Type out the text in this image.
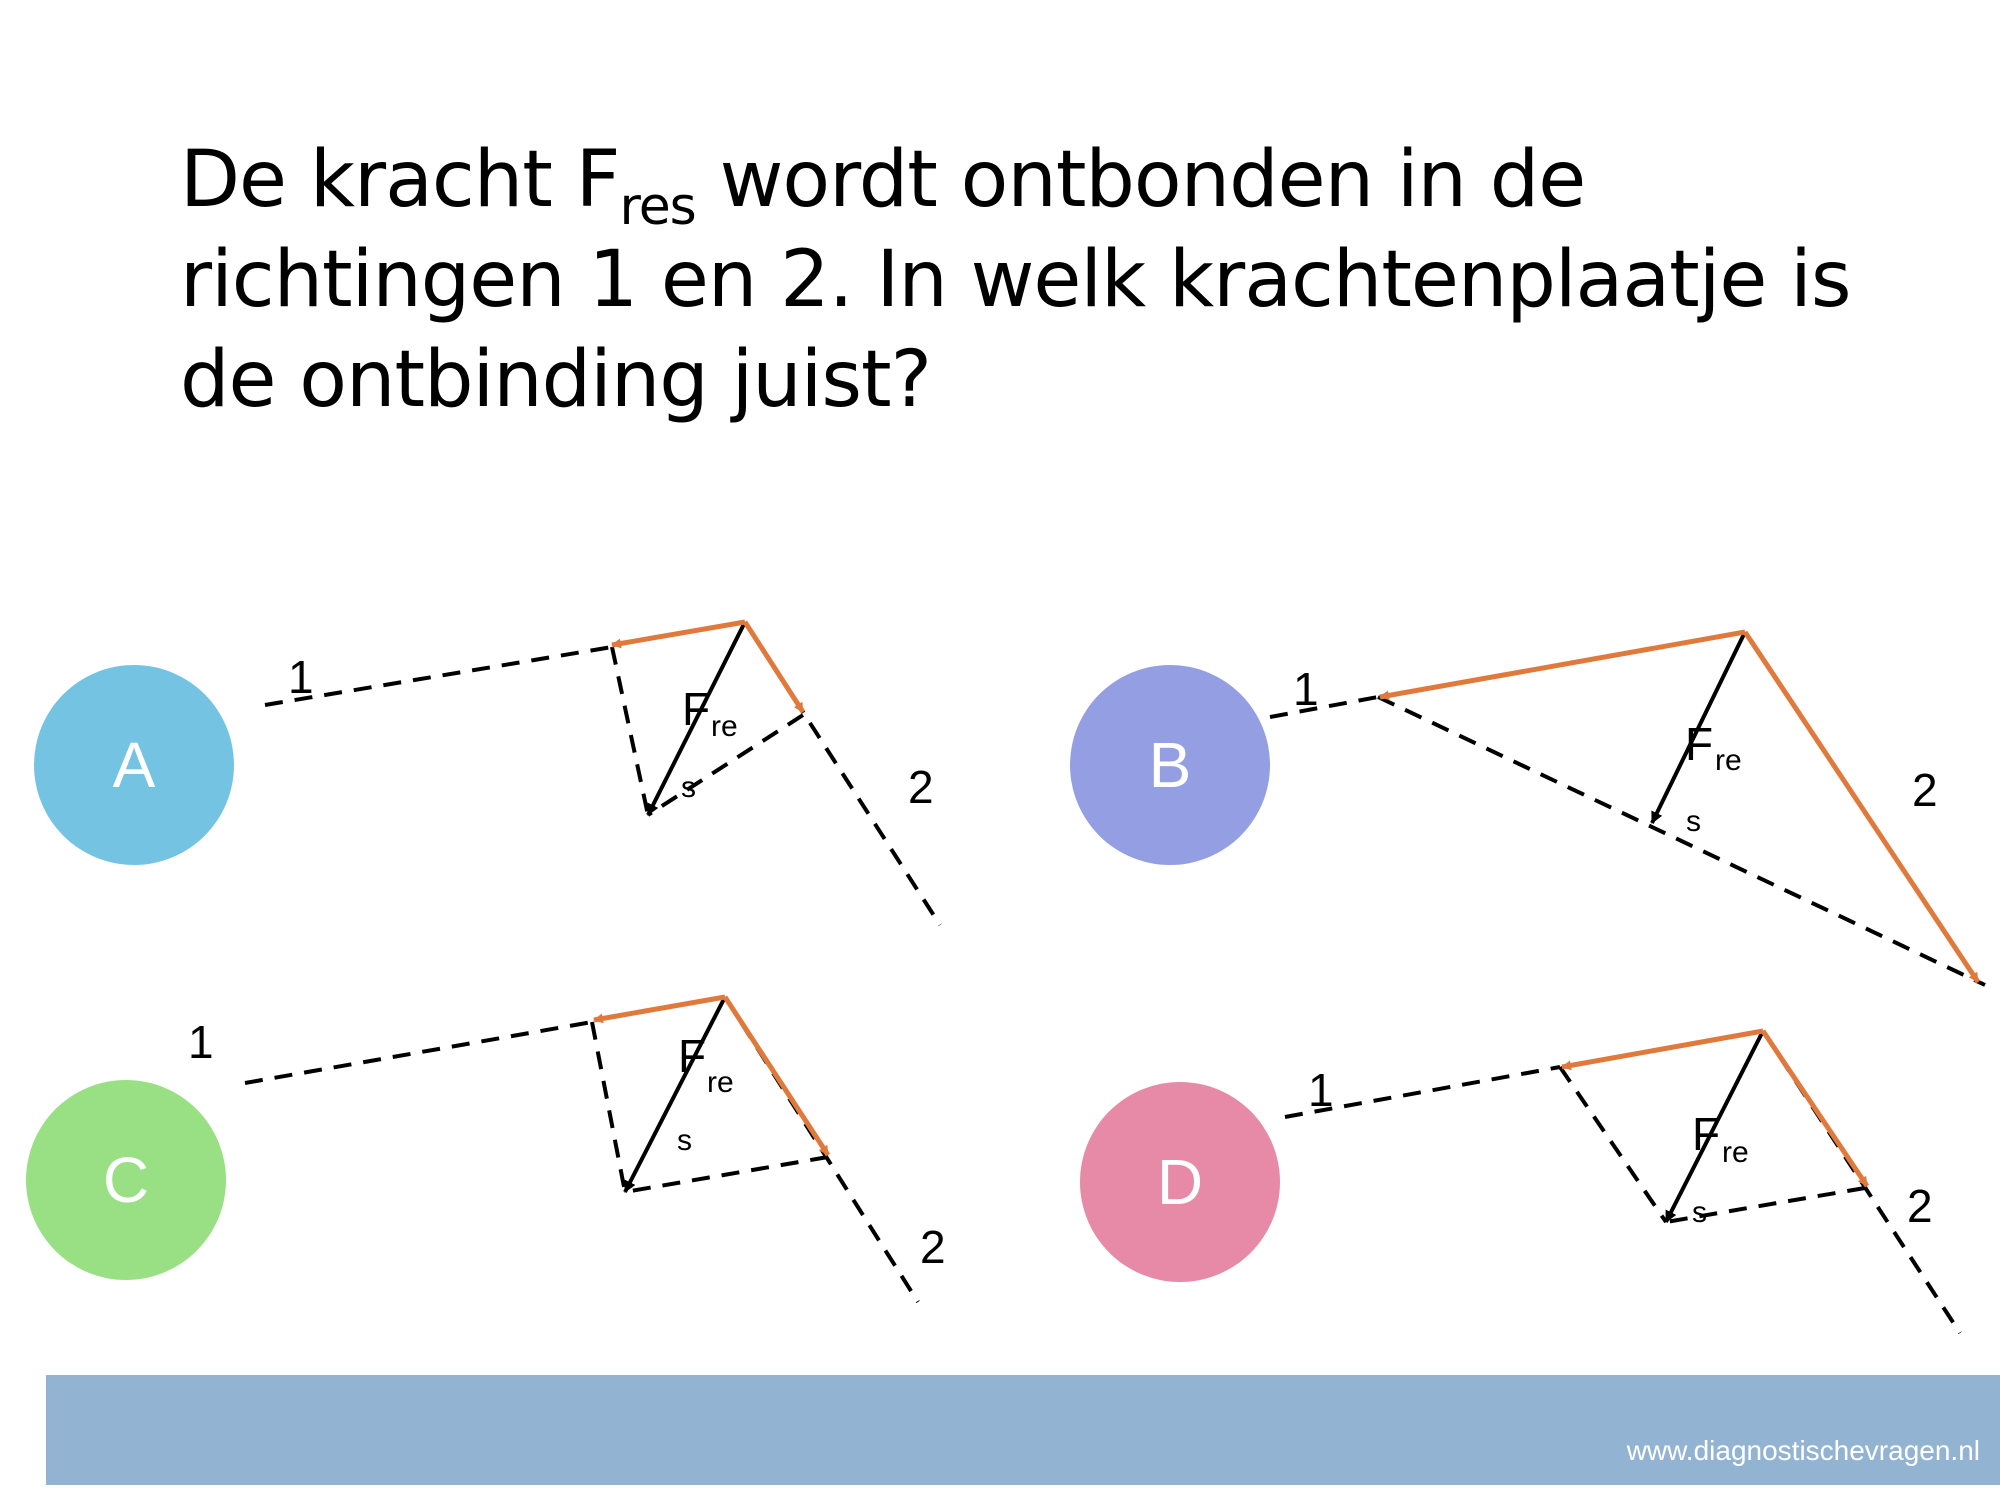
De kracht $F_{res}$ wordt ontbonden in de richtingen 1 en 2. In welk krachtenplaatje is de ontbinding juist?

1
2
F re
s
1
2
F re
s
1
2
F
re
s
1
2
F re
s
A	B
C	D
www.diagnostischevragen.nl
